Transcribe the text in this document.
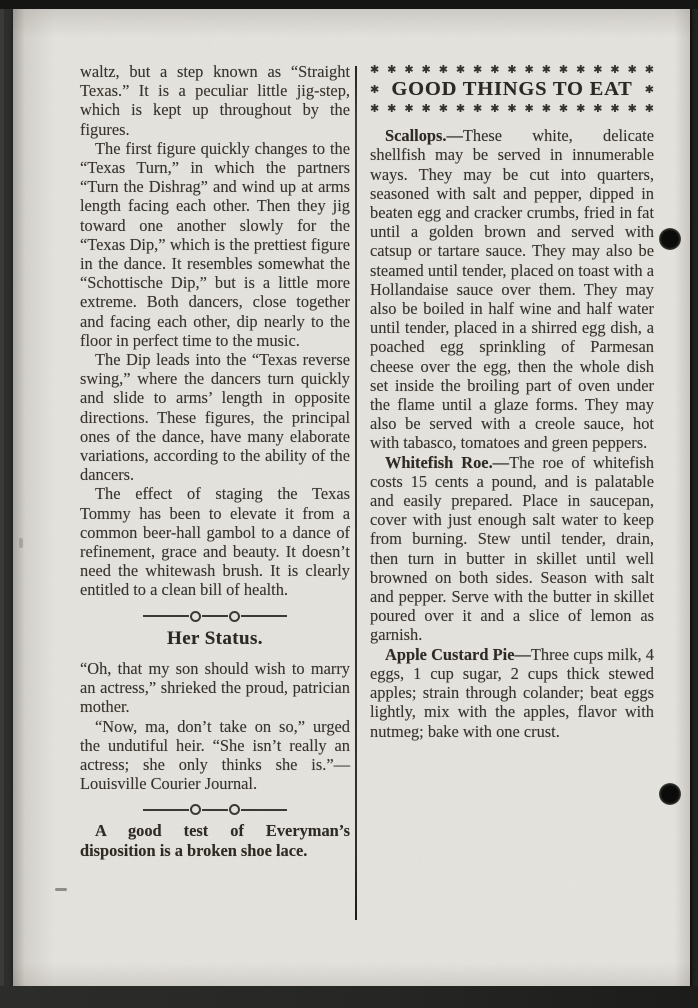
waltz, but a step known as “Straight Texas.” It is a peculiar little jig-step, which is kept up throughout by the figures.

The first figure quickly changes to the “Texas Turn,” in which the partners “Turn the Dishrag” and wind up at arms length facing each other. Then they jig toward one another slowly for the “Texas Dip,” which is the prettiest figure in the dance. It resembles somewhat the “Schottische Dip,” but is a little more extreme. Both dancers, close together and facing each other, dip nearly to the floor in perfect time to the music.

The Dip leads into the “Texas reverse swing,” where the dancers turn quickly and slide to arms’ length in opposite directions. These figures, the principal ones of the dance, have many elaborate variations, according to the ability of the dancers.

The effect of staging the Texas Tommy has been to elevate it from a common beer-hall gambol to a dance of refinement, grace and beauty. It doesn’t need the whitewash brush. It is clearly entitled to a clean bill of health.

Her Status.

“Oh, that my son should wish to marry an actress,” shrieked the proud, patrician mother.

“Now, ma, don’t take on so,” urged the undutiful heir. “She isn’t really an actress; she only thinks she is.”—Louisville Courier Journal.

A good test of Everyman’s disposition is a broken shoe lace.

✱ ✱ ✱ ✱ ✱ ✱ ✱ ✱ ✱ ✱ ✱ ✱ ✱ ✱ ✱ ✱ ✱
✱ GOOD THINGS TO EAT ✱
✱ ✱ ✱ ✱ ✱ ✱ ✱ ✱ ✱ ✱ ✱ ✱ ✱ ✱ ✱ ✱ ✱

Scallops.—These white, delicate shellfish may be served in innumerable ways. They may be cut into quarters, seasoned with salt and pepper, dipped in beaten egg and cracker crumbs, fried in fat until a golden brown and served with catsup or tartare sauce. They may also be steamed until tender, placed on toast with a Hollandaise sauce over them. They may also be boiled in half wine and half water until tender, placed in a shirred egg dish, a poached egg sprinkling of Parmesan cheese over the egg, then the whole dish set inside the broiling part of oven under the flame until a glaze forms. They may also be served with a creole sauce, hot with tabasco, tomatoes and green peppers.

Whitefish Roe.—The roe of whitefish costs 15 cents a pound, and is palatable and easily prepared. Place in saucepan, cover with just enough salt water to keep from burning. Stew until tender, drain, then turn in butter in skillet until well browned on both sides. Season with salt and pepper. Serve with the butter in skillet poured over it and a slice of lemon as garnish.

Apple Custard Pie—Three cups milk, 4 eggs, 1 cup sugar, 2 cups thick stewed apples; strain through colander; beat eggs lightly, mix with the apples, flavor with nutmeg; bake with one crust.
